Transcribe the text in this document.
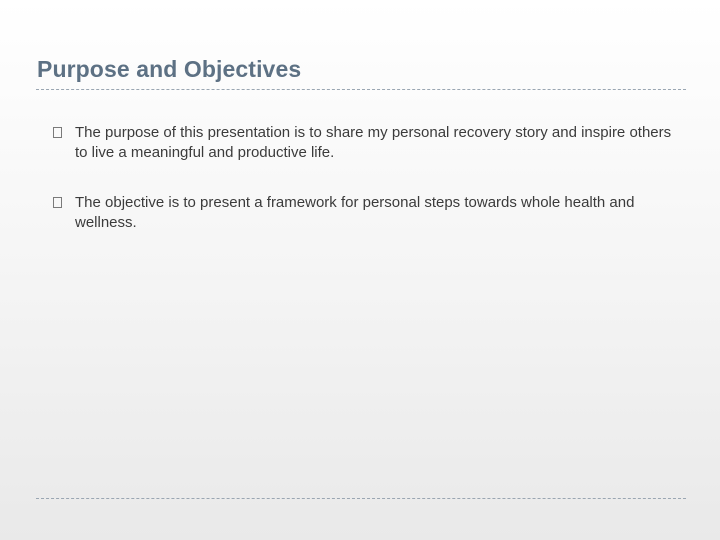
Purpose and Objectives
The purpose of this presentation is to share my personal recovery story and inspire others to live a meaningful and productive life.
The objective is to present a framework for personal steps towards whole health and wellness.
